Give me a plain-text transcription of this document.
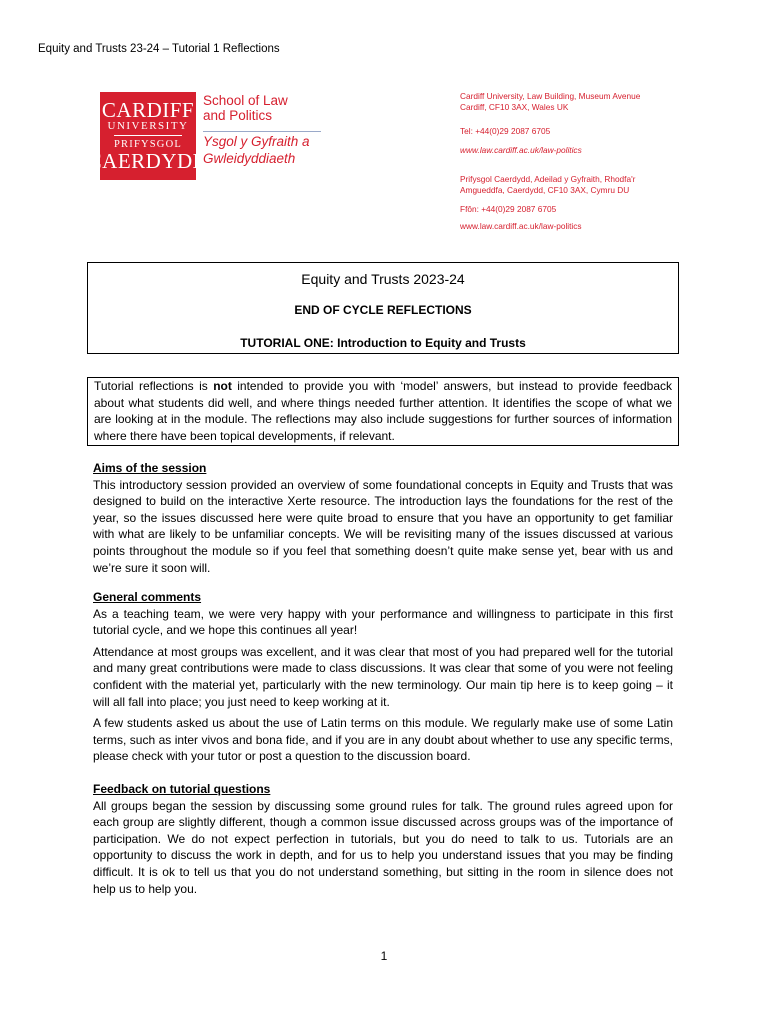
Equity and Trusts 23-24 – Tutorial 1 Reflections
CARDIFF
UNIVERSITY
PRIFYSGOL
CAERDYDD
School of Law
and Politics
Ysgol y Gyfraith a
Gwleidyddiaeth
Cardiff University, Law Building, Museum Avenue
Cardiff, CF10 3AX, Wales UK
Tel: +44(0)29 2087 6705
www.law.cardiff.ac.uk/law-politics
Prifysgol Caerdydd, Adeilad y Gyfraith, Rhodfa'r
Amgueddfa, Caerdydd, CF10 3AX, Cymru DU
Ffôn: +44(0)29 2087 6705
www.law.cardiff.ac.uk/law-politics
Equity and Trusts 2023-24
END OF CYCLE REFLECTIONS
TUTORIAL ONE: Introduction to Equity and Trusts
Tutorial reflections is not intended to provide you with ‘model’ answers, but instead to provide feedback about what students did well, and where things needed further attention. It identifies the scope of what we are looking at in the module. The reflections may also include suggestions for further sources of information where there have been topical developments, if relevant.
Aims of the session

This introductory session provided an overview of some foundational concepts in Equity and Trusts that was designed to build on the interactive Xerte resource. The introduction lays the foundations for the rest of the year, so the issues discussed here were quite broad to ensure that you have an opportunity to get familiar with what are likely to be unfamiliar concepts. We will be revisiting many of the issues discussed at various points throughout the module so if you feel that something doesn’t quite make sense yet, bear with us and we’re sure it soon will.

General comments

As a teaching team, we were very happy with your performance and willingness to participate in this first tutorial cycle, and we hope this continues all year!

Attendance at most groups was excellent, and it was clear that most of you had prepared well for the tutorial and many great contributions were made to class discussions. It was clear that some of you were not feeling confident with the material yet, particularly with the new terminology. Our main tip here is to keep going – it will all fall into place; you just need to keep working at it.

A few students asked us about the use of Latin terms on this module. We regularly make use of some Latin terms, such as inter vivos and bona fide, and if you are in any doubt about whether to use any specific terms, please check with your tutor or post a question to the discussion board.

Feedback on tutorial questions

All groups began the session by discussing some ground rules for talk. The ground rules agreed upon for each group are slightly different, though a common issue discussed across groups was of the importance of participation. We do not expect perfection in tutorials, but you do need to talk to us. Tutorials are an opportunity to discuss the work in depth, and for us to help you understand issues that you may be finding difficult. It is ok to tell us that you do not understand something, but sitting in the room in silence does not help us to help you.

1
